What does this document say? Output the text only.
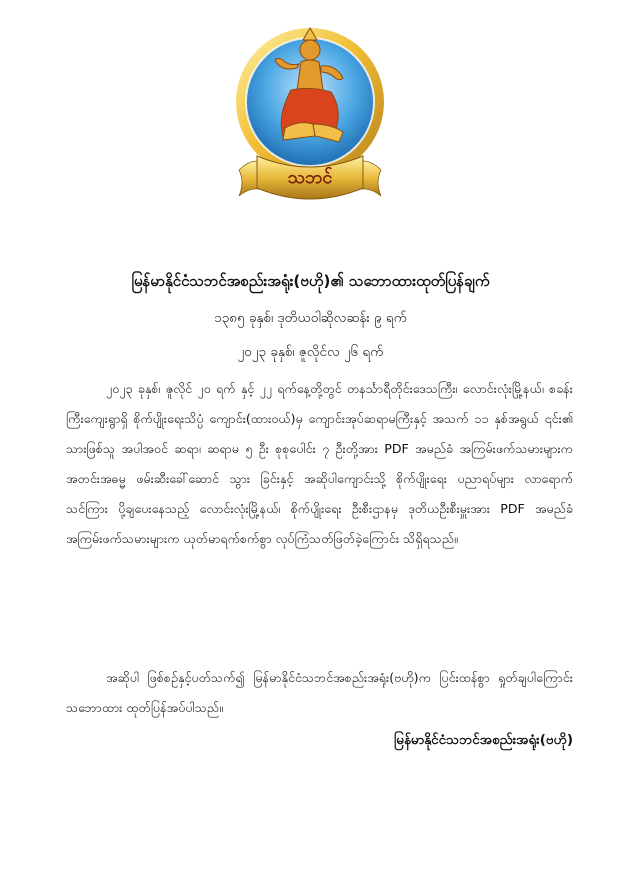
သဘင်
မြန်မာနိုင်ငံသဘင်အစည်းအရုံး(ဗဟို)၏ သဘောထားထုတ်ပြန်ချက်
၁၃၈၅ ခုနှစ်၊ ဒုတိယဝါဆိုလဆန်း ၉ ရက်
၂၀၂၃ ခုနှစ်၊ ဇူလိုင်လ ၂၆ ရက်

၂၀၂၃ ခုနှစ်၊ ဇူလိုင် ၂၀ ရက် နှင့် ၂၂ ရက်နေ့တို့တွင် တနင်္သာရီတိုင်းဒေသကြီး၊ လောင်းလုံးမြို့နယ်၊ စခန်းကြီးကျေးရွာရှိ စိုက်ပျိုးရေးသိပ္ပံ ကျောင်း(ထားဝယ်)မှ ကျောင်းအုပ်ဆရာမကြီးနှင့် အသက် ၁၁ နှစ်အရွယ် ၎င်း၏ သားဖြစ်သူ အပါအဝင် ဆရာ၊ ဆရာမ ၅ ဦး စုစုပေါင်း ၇ ဦးတို့အား PDF အမည်ခံ အကြမ်းဖက်သမားများက အတင်းအဓမ္မ ဖမ်းဆီးခေါ်ဆောင် သွား ခြင်းနှင့် အဆိုပါကျောင်းသို့ စိုက်ပျိုးရေး ပညာရပ်များ လာရောက် သင်ကြား ပို့ချပေးနေသည့် လောင်းလုံးမြို့နယ်၊ စိုက်ပျိုးရေး ဦးစီးဌာနမှ ဒုတိယဦးစီးမှူးအား PDF အမည်ခံ အကြမ်းဖက်သမားများက ယုတ်မာရက်စက်စွာ လုပ်ကြံသတ်ဖြတ်ခဲ့ကြောင်း သိရှိရသည်။

အဆိုပါ ဖြစ်စဉ်နှင့်ပတ်သက်၍ မြန်မာနိုင်ငံသဘင်အစည်းအရုံး(ဗဟို)က ပြင်းထန်စွာ ရှုတ်ချပါကြောင်း သဘောထား ထုတ်ပြန်အပ်ပါသည်။

မြန်မာနိုင်ငံသဘင်အစည်းအရုံး(ဗဟို)
